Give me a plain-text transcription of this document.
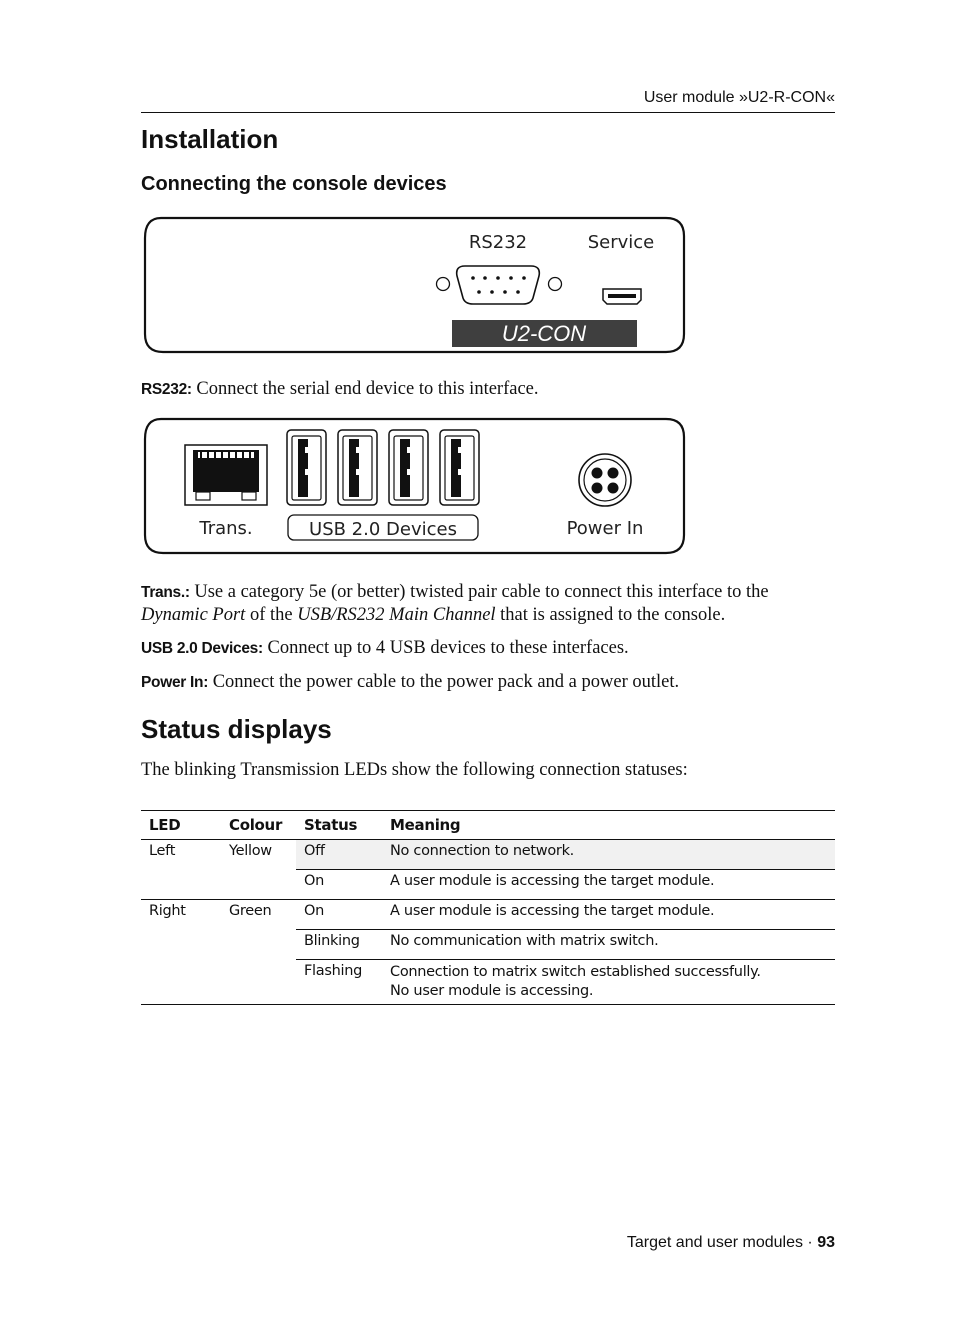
User module »U2-R-CON«
Installation
Connecting the console devices
RS232	Service
U2-CON

RS232: Connect the serial end device to this interface.

Trans.	USB 2.0 Devices	Power In

Trans.: Use a category 5e (or better) twisted pair cable to connect this interface to the Dynamic Port of the USB/RS232 Main Channel that is assigned to the console.

USB 2.0 Devices: Connect up to 4 USB devices to these interfaces.

Power In: Connect the power cable to the power pack and a power outlet.

Status displays

The blinking Transmission LEDs show the following connection statuses:

LED	Colour	Status	Meaning
Left	Yellow	Off	No connection to network.
		On	A user module is accessing the target module.
Right	Green	On	A user module is accessing the target module.
		Blinking	No communication with matrix switch.
		Flashing	Connection to matrix switch established successfully.
No user module is accessing.
Target and user modules · 93
